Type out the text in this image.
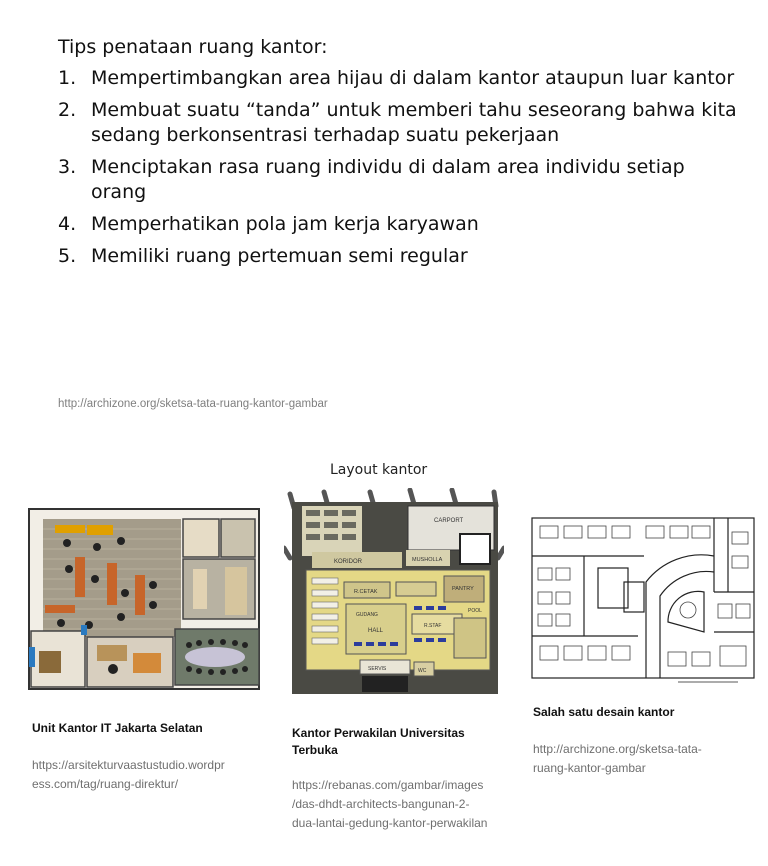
Tips penataan ruang kantor:
1. Mempertimbangkan area hijau di dalam kantor ataupun luar kantor
2. Membuat suatu “tanda” untuk memberi tahu seseorang bahwa kita sedang berkonsentrasi terhadap suatu pekerjaan
3. Menciptakan rasa ruang individu di dalam area individu setiap orang
4. Memperhatikan pola jam kerja karyawan
5. Memiliki ruang pertemuan semi regular
http://archizone.org/sketsa-tata-ruang-kantor-gambar
Layout kantor
Unit Kantor IT Jakarta Selatan
https://arsitekturvaastustudio.wordpr
ess.com/tag/ruang-direktur/
CARPORT
KORIDOR	MUSHOLLA
R.CETAK	PANTRY
POOL
HALL
GUDANG
R.STAF
SERVIS	WC
Kantor Perwakilan Universitas
Terbuka
https://rebanas.com/gambar/images
/das-dhdt-architects-bangunan-2-
dua-lantai-gedung-kantor-perwakilan
Salah satu desain kantor
http://archizone.org/sketsa-tata-
ruang-kantor-gambar
